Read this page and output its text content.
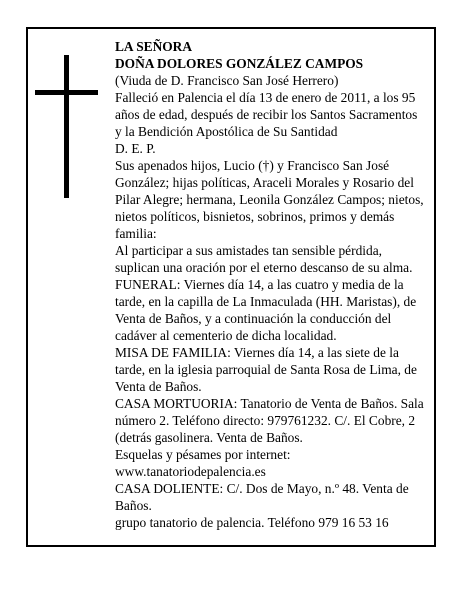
LA SEÑORA

DOÑA DOLORES GONZÁLEZ CAMPOS

(Viuda de D. Francisco San José Herrero)

Falleció en Palencia el día 13 de enero de 2011, a los 95 años de edad, después de recibir los Santos Sacramentos y la Bendición Apostólica de Su Santidad

D. E. P.

Sus apenados hijos, Lucio (†) y Francisco San José González; hijas políticas, Araceli Morales y Rosario del Pilar Alegre; hermana, Leonila González Campos; nietos, nietos políticos, bisnietos, sobrinos, primos y demás familia:

Al participar a sus amistades tan sensible pérdida, suplican una oración por el eterno descanso de su alma.

FUNERAL: Viernes día 14, a las cuatro y media de la tarde, en la capilla de La Inmaculada (HH. Maristas), de Venta de Baños, y a continuación la conducción del cadáver al cementerio de dicha localidad.

MISA DE FAMILIA: Viernes día 14, a las siete de la tarde, en la iglesia parroquial de Santa Rosa de Lima, de Venta de Baños.

CASA MORTUORIA: Tanatorio de Venta de Baños. Sala número 2. Teléfono directo: 979761232. C/. El Cobre, 2 (detrás gasolinera. Venta de Baños.

Esquelas y pésames por internet:

www.tanatoriodepalencia.es

CASA DOLIENTE: C/. Dos de Mayo, n.º 48. Venta de Baños.

grupo tanatorio de palencia. Teléfono 979 16 53 16
